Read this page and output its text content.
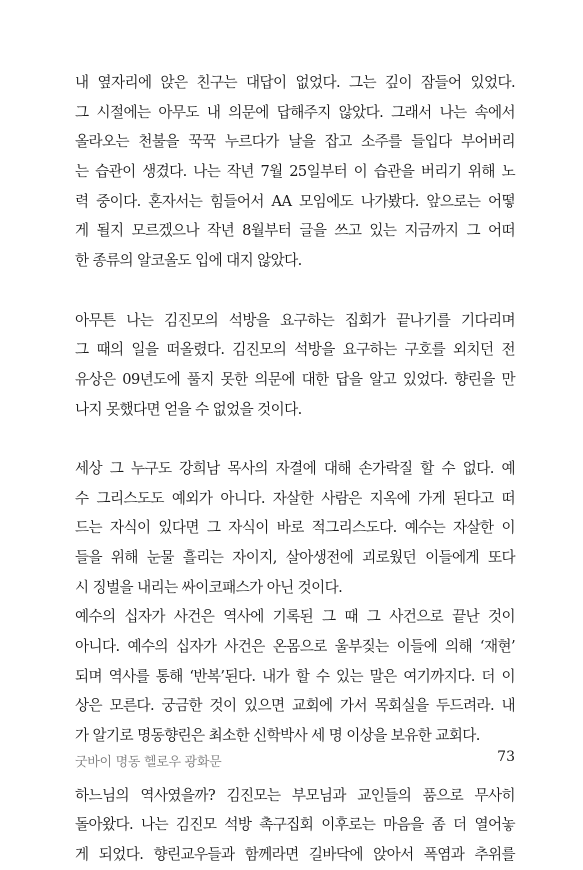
내 옆자리에 앉은 친구는 대답이 없었다. 그는 깊이 잠들어 있었다.
그 시절에는 아무도 내 의문에 답해주지 않았다. 그래서 나는 속에서
올라오는 천불을 꾹꾹 누르다가 날을 잡고 소주를 들입다 부어버리
는 습관이 생겼다. 나는 작년 7월 25일부터 이 습관을 버리기 위해 노
력 중이다. 혼자서는 힘들어서 AA 모임에도 나가봤다. 앞으로는 어떻
게 될지 모르겠으나 작년 8월부터 글을 쓰고 있는 지금까지 그 어떠
한 종류의 알코올도 입에 대지 않았다.
아무튼 나는 김진모의 석방을 요구하는 집회가 끝나기를 기다리며
그 때의 일을 떠올렸다. 김진모의 석방을 요구하는 구호를 외치던 전
유상은 09년도에 풀지 못한 의문에 대한 답을 알고 있었다. 향린을 만
나지 못했다면 얻을 수 없었을 것이다.
세상 그 누구도 강희남 목사의 자결에 대해 손가락질 할 수 없다. 예
수 그리스도도 예외가 아니다. 자살한 사람은 지옥에 가게 된다고 떠
드는 자식이 있다면 그 자식이 바로 적그리스도다. 예수는 자살한 이
들을 위해 눈물 흘리는 자이지, 살아생전에 괴로웠던 이들에게 또다
시 징벌을 내리는 싸이코패스가 아닌 것이다.
예수의 십자가 사건은 역사에 기록된 그 때 그 사건으로 끝난 것이
아니다. 예수의 십자가 사건은 온몸으로 울부짖는 이들에 의해 ‘재현’
되며 역사를 통해 ‘반복’된다. 내가 할 수 있는 말은 여기까지다. 더 이
상은 모른다. 궁금한 것이 있으면 교회에 가서 목회실을 두드려라. 내
가 알기로 명동향린은 최소한 신학박사 세 명 이상을 보유한 교회다.
하느님의 역사였을까? 김진모는 부모님과 교인들의 품으로 무사히
돌아왔다. 나는 김진모 석방 촉구집회 이후로는 마음을 좀 더 열어놓
게 되었다. 향린교우들과 함께라면 길바닥에 앉아서 폭염과 추위를
굿바이 명동 헬로우 광화문	73
